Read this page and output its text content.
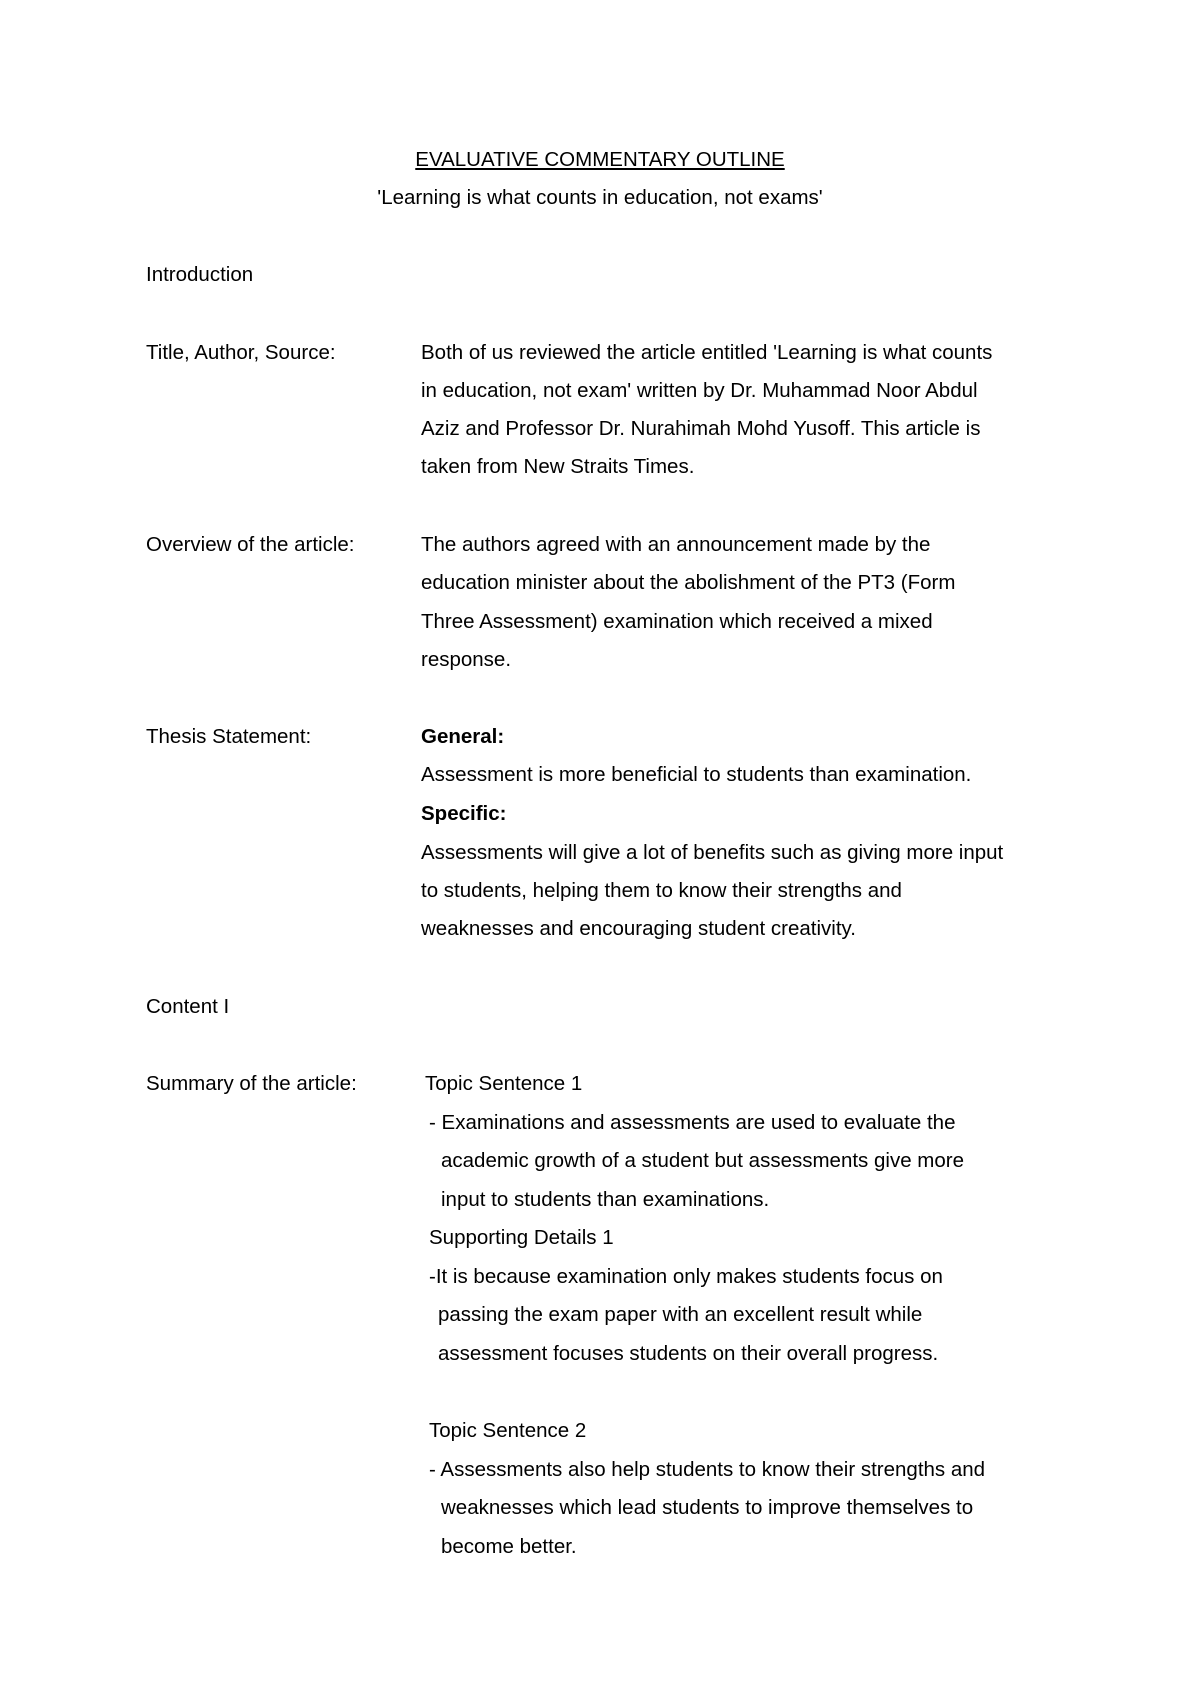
EVALUATIVE COMMENTARY OUTLINE
'Learning is what counts in education, not exams'
Introduction
Title, Author, Source:	Both of us reviewed the article entitled 'Learning is what counts
in education, not exam' written by Dr. Muhammad Noor Abdul
Aziz and Professor Dr. Nurahimah Mohd Yusoff. This article is
taken from New Straits Times.
Overview of the article:	The authors agreed with an announcement made by the
education minister about the abolishment of the PT3 (Form
Three Assessment) examination which received a mixed
response.
Thesis Statement:	General:
Assessment is more beneficial to students than examination.
Specific:
Assessments will give a lot of benefits such as giving more input
to students, helping them to know their strengths and
weaknesses and encouraging student creativity.
Content I
Summary of the article:	Topic Sentence 1
- Examinations and assessments are used to evaluate the
academic growth of a student but assessments give more
input to students than examinations.
Supporting Details 1
-It is because examination only makes students focus on
passing the exam paper with an excellent result while
assessment focuses students on their overall progress.
Topic Sentence 2
- Assessments also help students to know their strengths and
weaknesses which lead students to improve themselves to
become better.
